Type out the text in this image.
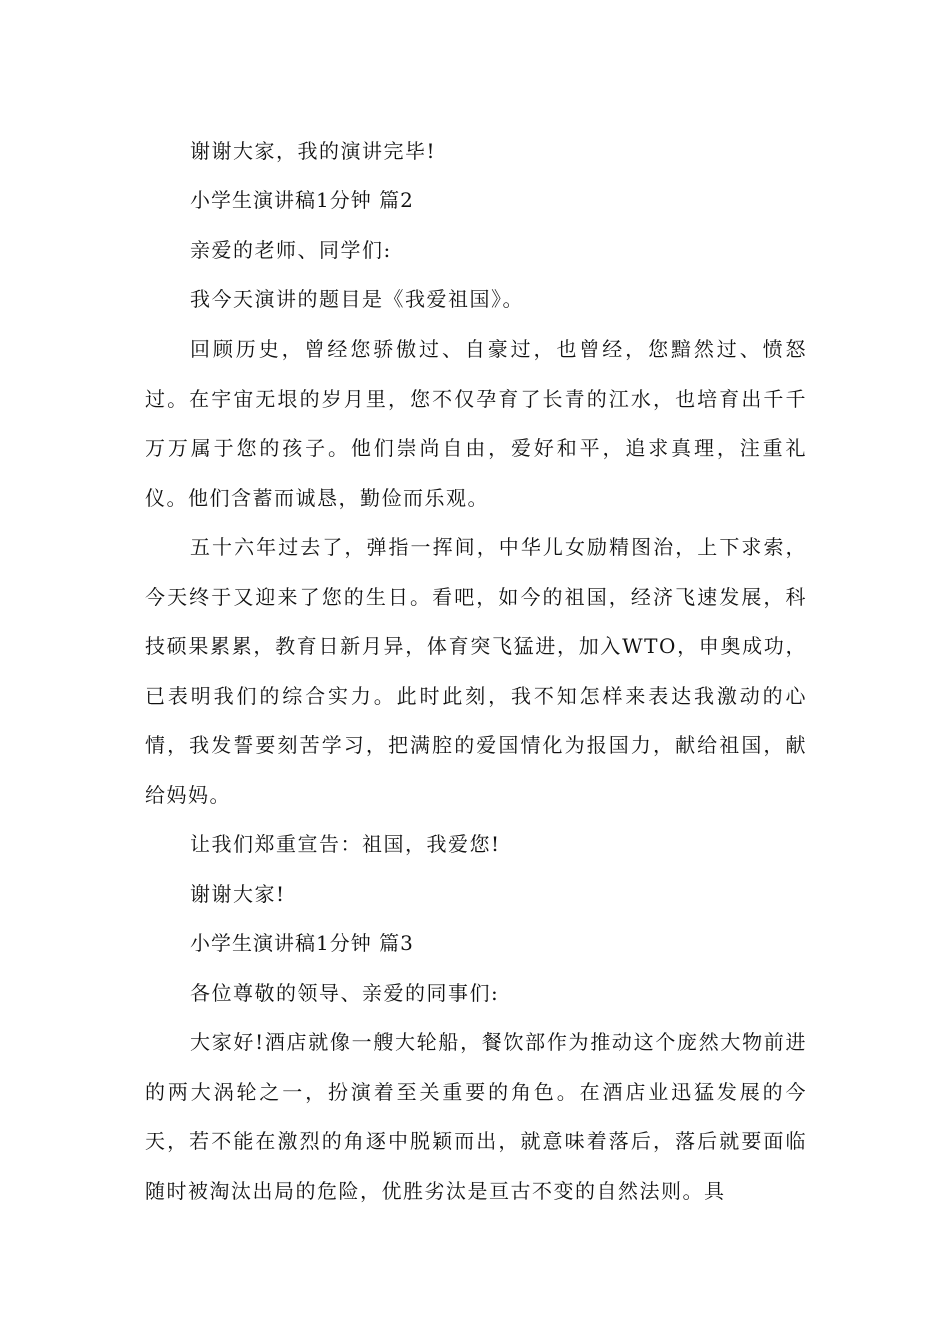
谢谢大家，我的演讲完毕!

小学生演讲稿1分钟 篇2

亲爱的老师、同学们:

我今天演讲的题目是《我爱祖国》。

回顾历史，曾经您骄傲过、自豪过，也曾经，您黯然过、愤怒过。在宇宙无垠的岁月里，您不仅孕育了长青的江水，也培育出千千万万属于您的孩子。他们崇尚自由，爱好和平，追求真理，注重礼仪。他们含蓄而诚恳，勤俭而乐观。

五十六年过去了，弹指一挥间，中华儿女励精图治，上下求索，今天终于又迎来了您的生日。看吧，如今的祖国，经济飞速发展，科技硕果累累，教育日新月异，体育突飞猛进，加入WTO，申奥成功，已表明我们的综合实力。此时此刻，我不知怎样来表达我激动的心情，我发誓要刻苦学习，把满腔的爱国情化为报国力，献给祖国，献给妈妈。

让我们郑重宣告：祖国，我爱您!

谢谢大家!

小学生演讲稿1分钟 篇3

各位尊敬的领导、亲爱的同事们:

大家好!酒店就像一艘大轮船，餐饮部作为推动这个庞然大物前进的两大涡轮之一，扮演着至关重要的角色。在酒店业迅猛发展的今天，若不能在激烈的角逐中脱颖而出，就意味着落后，落后就要面临随时被淘汰出局的危险，优胜劣汰是亘古不变的自然法则。具
